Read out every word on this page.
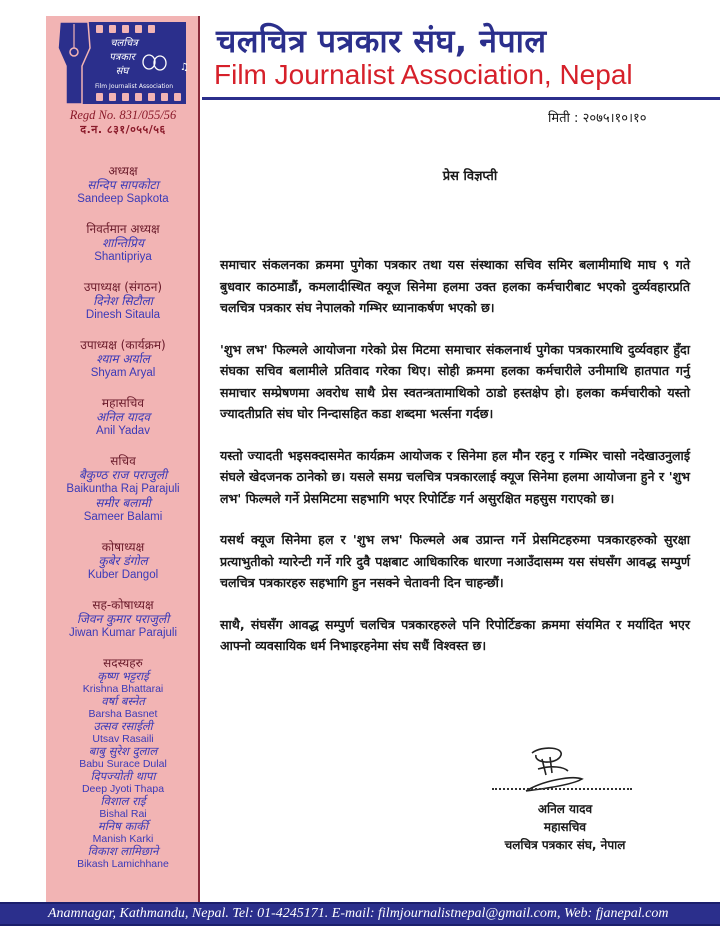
चलचित्र
पत्रकार
संघ	♫
Film Journalist Association
Regd No. 831/055/56
द.न. ८३१/०५५/५६
अध्यक्ष
सन्दिप सापकोटा
Sandeep Sapkota
निवर्तमान अध्यक्ष
शान्तिप्रिय
Shantipriya
उपाध्यक्ष (संगठन)
दिनेश सिटौला
Dinesh Sitaula
उपाध्यक्ष (कार्यक्रम)
श्याम अर्याल
Shyam Aryal
महासचिव
अनिल यादव
Anil Yadav
सचिव
बैकुण्ठ राज पराजुली
Baikuntha Raj Parajuli
समीर बलामी
Sameer Balami
कोषाध्यक्ष
कुबेर डंगोल
Kuber Dangol
सह-कोषाध्यक्ष
जिवन कुमार पराजुली
Jiwan Kumar Parajuli
सदस्यहरु
कृष्ण भट्टराई
Krishna Bhattarai
वर्षा बस्नेत
Barsha Basnet
उत्सव रसाईली
Utsav Rasaili
बाबु सुरेश दुलाल
Babu Surace Dulal
दिपज्योती थापा
Deep Jyoti Thapa
विशाल राई
Bishal Rai
मनिष कार्की
Manish Karki
विकाश लामिछाने
Bikash Lamichhane
चलचित्र पत्रकार संघ, नेपाल
Film Journalist Association, Nepal
मिती : २०७५।१०।१०
प्रेस विज्ञप्ती

समाचार संकलनका क्रममा पुगेका पत्रकार तथा यस संस्थाका सचिव समिर बलामीमाथि माघ ९ गते बुधवार काठमाडौं, कमलादीस्थित क्यूज सिनेमा हलमा उक्त हलका कर्मचारीबाट भएको दुर्व्यवहारप्रति चलचित्र पत्रकार संघ नेपालको गम्भिर ध्यानाकर्षण भएको छ।

'शुभ लभ' फिल्मले आयोजना गरेको प्रेस मिटमा समाचार संकलनार्थ पुगेका पत्रकारमाथि दुर्व्यवहार हुँदा संघका सचिव बलामीले प्रतिवाद गरेका थिए। सोही क्रममा हलका कर्मचारीले उनीमाथि हातपात गर्नु समाचार सम्प्रेषणमा अवरोध साथै प्रेस स्वतन्त्रतामाथिको ठाडो हस्तक्षेप हो। हलका कर्मचारीको यस्तो ज्यादतीप्रति संघ घोर निन्दासहित कडा शब्दमा भर्त्सना गर्दछ।

यस्तो ज्यादती भइसक्दासमेत कार्यक्रम आयोजक र सिनेमा हल मौन रहनु र गम्भिर चासो नदेखाउनुलाई संघले खेदजनक ठानेको छ। यसले समग्र चलचित्र पत्रकारलाई क्यूज सिनेमा हलमा आयोजना हुने र 'शुभ लभ' फिल्मले गर्ने प्रेसमिटमा सहभागि भएर रिपोर्टिङ गर्न असुरक्षित महसुस गराएको छ।

यसर्थ क्यूज सिनेमा हल र 'शुभ लभ' फिल्मले अब उप्रान्त गर्ने प्रेसमिटहरुमा पत्रकारहरुको सुरक्षा प्रत्याभुतीको ग्यारेन्टी गर्ने गरि दुवै पक्षबाट आधिकारिक धारणा नआउँदासम्म यस संघसँग आवद्ध सम्पुर्ण चलचित्र पत्रकारहरु सहभागि हुन नसक्ने चेतावनी दिन चाहन्छौं।

साथै, संघसँग आवद्ध सम्पुर्ण चलचित्र पत्रकारहरुले पनि रिपोर्टिङका क्रममा संयमित र मर्यादित भएर आफ्नो व्यवसायिक धर्म निभाइरहनेमा संघ सधैं विश्वस्त छ।

अनिल यादव
महासचिव
चलचित्र पत्रकार संघ, नेपाल
Anamnagar, Kathmandu, Nepal. Tel: 01-4245171. E-mail: filmjournalistnepal@gmail.com, Web: fjanepal.com
